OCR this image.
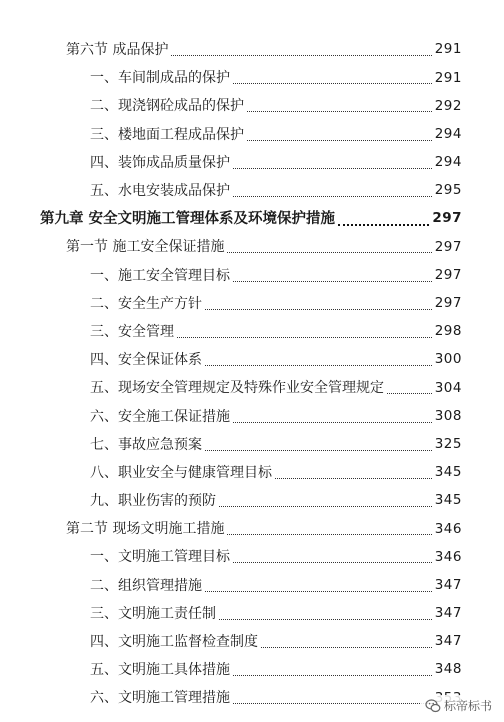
第六节 成品保护	291
一、车间制成品的保护	291
二、现浇钢砼成品的保护	292
三、楼地面工程成品保护	294
四、装饰成品质量保护	294
五、水电安装成品保护	295
第九章 安全文明施工管理体系及环境保护措施	297
第一节 施工安全保证措施	297
一、施工安全管理目标	297
二、安全生产方针	297
三、安全管理	298
四、安全保证体系	300
五、现场安全管理规定及特殊作业安全管理规定	304
六、安全施工保证措施	308
七、事故应急预案	325
八、职业安全与健康管理目标	345
九、职业伤害的预防	345
第二节 现场文明施工措施	346
一、文明施工管理目标	346
二、组织管理措施	347
三、文明施工责任制	347
四、文明施工监督检查制度	347
五、文明施工具体措施	348
六、文明施工管理措施	标帝标书
